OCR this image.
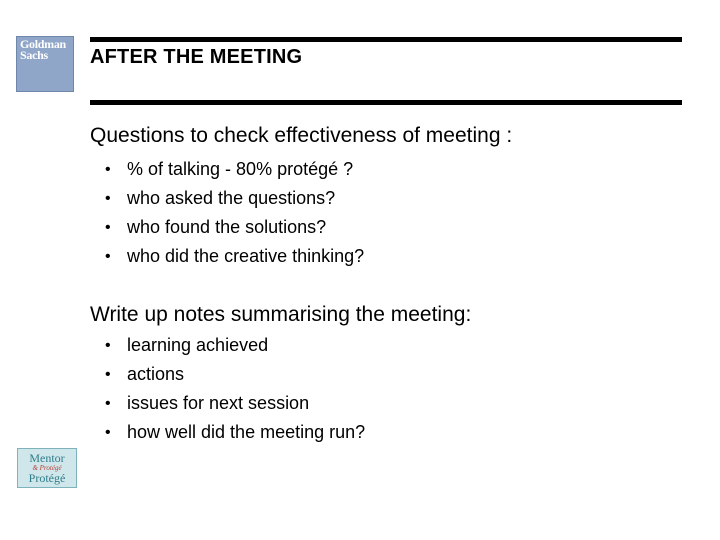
Goldman
Sachs	AFTER THE MEETING
Questions to check effectiveness of meeting :
• % of talking - 80% protégé ?
• who asked the questions?
• who found the solutions?
• who did the creative thinking?
Write up notes summarising the meeting:
• learning achieved
• actions
• issues for next session
• how well did the meeting run?
Mentor
& Protégé
Protégé
